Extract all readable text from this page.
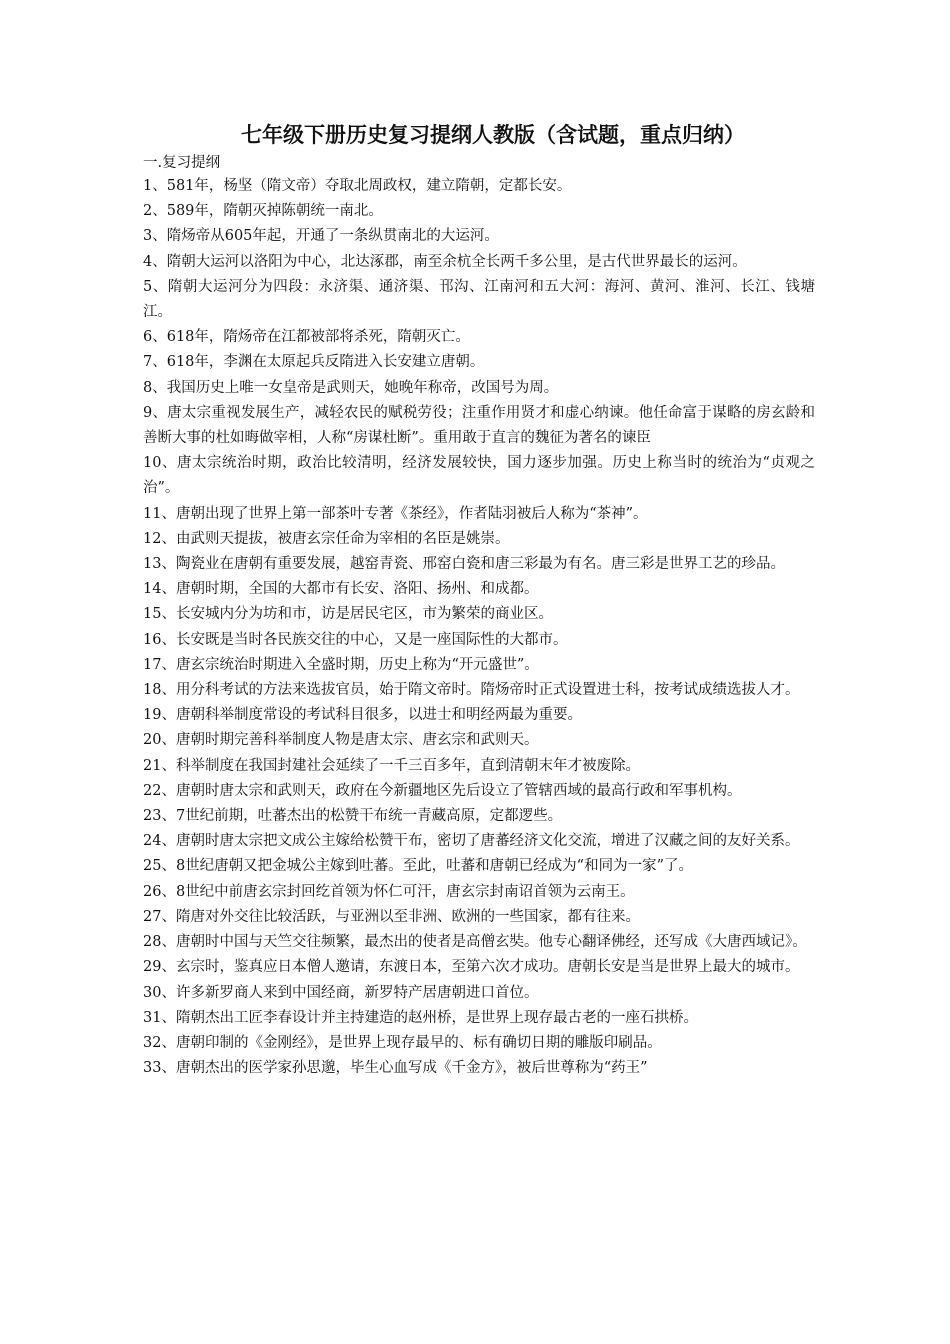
七年级下册历史复习提纲人教版（含试题，重点归纳）

一.复习提纲

1、581年，杨坚（隋文帝）夺取北周政权，建立隋朝，定都长安。
2、589年，隋朝灭掉陈朝统一南北。
3、隋炀帝从605年起，开通了一条纵贯南北的大运河。
4、隋朝大运河以洛阳为中心，北达涿郡，南至余杭全长两千多公里，是古代世界最长的运河。
5、隋朝大运河分为四段：永济渠、通济渠、邗沟、江南河和五大河：海河、黄河、淮河、长江、钱塘江。
6、618年，隋炀帝在江都被部将杀死，隋朝灭亡。
7、618年，李渊在太原起兵反隋进入长安建立唐朝。
8、我国历史上唯一女皇帝是武则天，她晚年称帝，改国号为周。
9、唐太宗重视发展生产，减轻农民的赋税劳役；注重作用贤才和虚心纳谏。他任命富于谋略的房玄龄和善断大事的杜如晦做宰相，人称“房谋杜断”。重用敢于直言的魏征为著名的谏臣
10、唐太宗统治时期，政治比较清明，经济发展较快，国力逐步加强。历史上称当时的统治为“贞观之治”。
11、唐朝出现了世界上第一部茶叶专著《茶经》，作者陆羽被后人称为“茶神”。
12、由武则天提拔，被唐玄宗任命为宰相的名臣是姚崇。
13、陶瓷业在唐朝有重要发展，越窑青瓷、邢窑白瓷和唐三彩最为有名。唐三彩是世界工艺的珍品。
14、唐朝时期，全国的大都市有长安、洛阳、扬州、和成都。
15、长安城内分为坊和市，访是居民宅区，市为繁荣的商业区。
16、长安既是当时各民族交往的中心，又是一座国际性的大都市。
17、唐玄宗统治时期进入全盛时期，历史上称为“开元盛世”。
18、用分科考试的方法来选拔官员，始于隋文帝时。隋炀帝时正式设置进士科，按考试成绩选拔人才。
19、唐朝科举制度常设的考试科目很多，以进士和明经两最为重要。
20、唐朝时期完善科举制度人物是唐太宗、唐玄宗和武则天。
21、科举制度在我国封建社会延续了一千三百多年，直到清朝末年才被废除。
22、唐朝时唐太宗和武则天，政府在今新疆地区先后设立了管辖西域的最高行政和军事机构。
23、7世纪前期，吐蕃杰出的松赞干布统一青藏高原，定都逻些。
24、唐朝时唐太宗把文成公主嫁给松赞干布，密切了唐蕃经济文化交流，增进了汉藏之间的友好关系。
25、8世纪唐朝又把金城公主嫁到吐蕃。至此，吐蕃和唐朝已经成为“和同为一家”了。
26、8世纪中前唐玄宗封回纥首领为怀仁可汗，唐玄宗封南诏首领为云南王。
27、隋唐对外交往比较活跃，与亚洲以至非洲、欧洲的一些国家，都有往来。
28、唐朝时中国与天竺交往频繁，最杰出的使者是高僧玄奘。他专心翻译佛经，还写成《大唐西域记》。
29、玄宗时，鉴真应日本僧人邀请，东渡日本，至第六次才成功。唐朝长安是当是世界上最大的城市。
30、许多新罗商人来到中国经商，新罗特产居唐朝进口首位。
31、隋朝杰出工匠李春设计并主持建造的赵州桥，是世界上现存最古老的一座石拱桥。
32、唐朝印制的《金刚经》，是世界上现存最早的、标有确切日期的雕版印刷品。
33、唐朝杰出的医学家孙思邈，毕生心血写成《千金方》，被后世尊称为“药王”
